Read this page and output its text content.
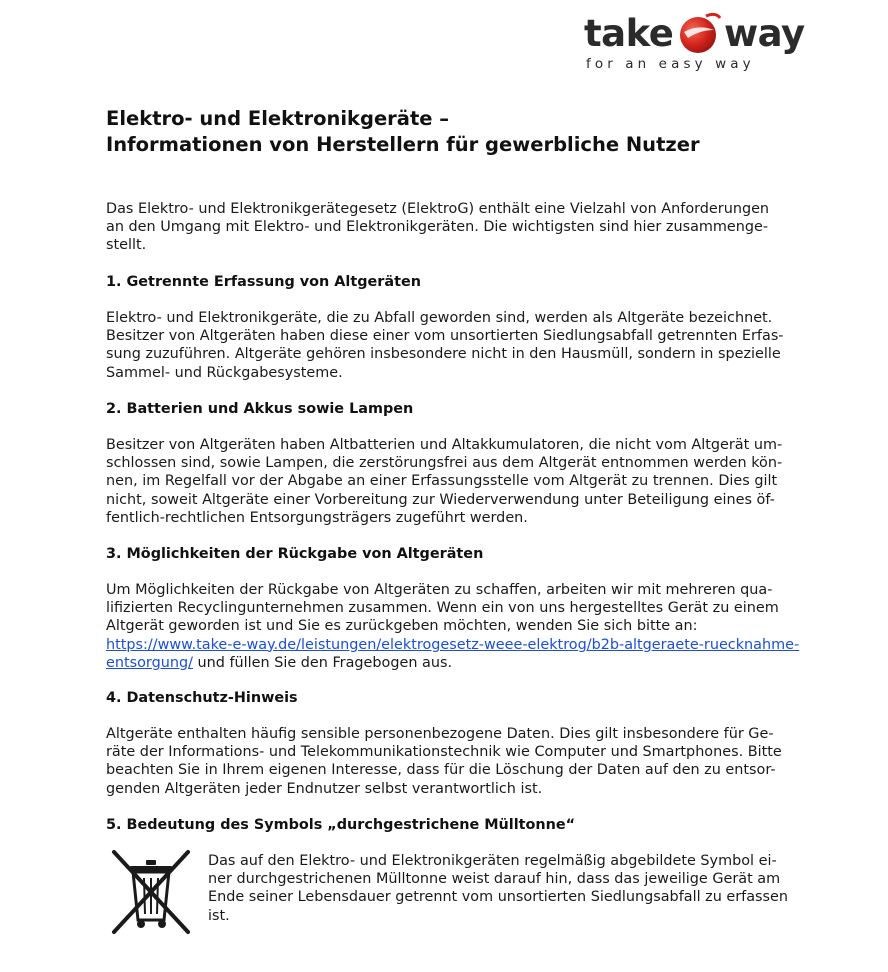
take way
for an easy way
Elektro- und Elektronikgeräte –
Informationen von Herstellern für gewerbliche Nutzer

Das Elektro- und Elektronikgerätegesetz (ElektroG) enthält eine Vielzahl von Anforderungen
an den Umgang mit Elektro- und Elektronikgeräten. Die wichtigsten sind hier zusammenge-
stellt.

1. Getrennte Erfassung von Altgeräten

Elektro- und Elektronikgeräte, die zu Abfall geworden sind, werden als Altgeräte bezeichnet.
Besitzer von Altgeräten haben diese einer vom unsortierten Siedlungsabfall getrennten Erfas-
sung zuzuführen. Altgeräte gehören insbesondere nicht in den Hausmüll, sondern in spezielle
Sammel- und Rückgabesysteme.

2. Batterien und Akkus sowie Lampen

Besitzer von Altgeräten haben Altbatterien und Altakkumulatoren, die nicht vom Altgerät um-
schlossen sind, sowie Lampen, die zerstörungsfrei aus dem Altgerät entnommen werden kön-
nen, im Regelfall vor der Abgabe an einer Erfassungsstelle vom Altgerät zu trennen. Dies gilt
nicht, soweit Altgeräte einer Vorbereitung zur Wiederverwendung unter Beteiligung eines öf-
fentlich-rechtlichen Entsorgungsträgers zugeführt werden.

3. Möglichkeiten der Rückgabe von Altgeräten

Um Möglichkeiten der Rückgabe von Altgeräten zu schaffen, arbeiten wir mit mehreren qua-
lifizierten Recyclingunternehmen zusammen. Wenn ein von uns hergestelltes Gerät zu einem
Altgerät geworden ist und Sie es zurückgeben möchten, wenden Sie sich bitte an:
https://www.take-e-way.de/leistungen/elektrogesetz-weee-elektrog/b2b-altgeraete-ruecknahme-
entsorgung/ und füllen Sie den Fragebogen aus.

4. Datenschutz-Hinweis

Altgeräte enthalten häufig sensible personenbezogene Daten. Dies gilt insbesondere für Ge-
räte der Informations- und Telekommunikationstechnik wie Computer und Smartphones. Bitte
beachten Sie in Ihrem eigenen Interesse, dass für die Löschung der Daten auf den zu entsor-
genden Altgeräten jeder Endnutzer selbst verantwortlich ist.

5. Bedeutung des Symbols „durchgestrichene Mülltonne“

Das auf den Elektro- und Elektronikgeräten regelmäßig abgebildete Symbol ei-
ner durchgestrichenen Mülltonne weist darauf hin, dass das jeweilige Gerät am
Ende seiner Lebensdauer getrennt vom unsortierten Siedlungsabfall zu erfassen
ist.
